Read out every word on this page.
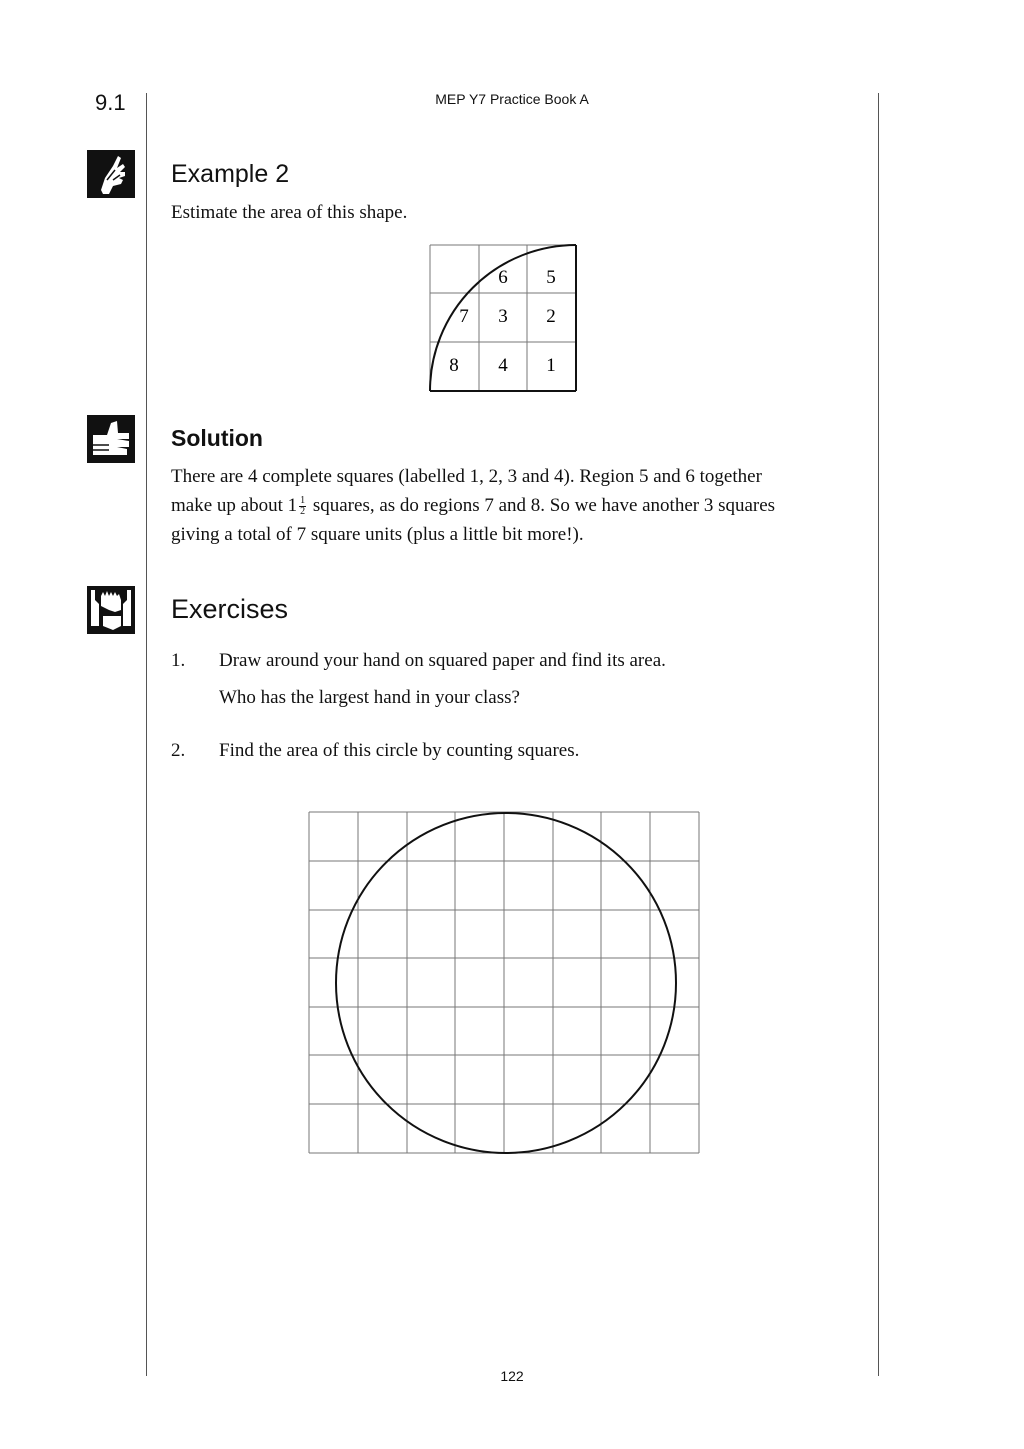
9.1	MEP Y7 Practice Book A
Example 2
Estimate the area of this shape.
6 5
7 3 2
8 4 1
Solution
There are 4 complete squares (labelled 1, 2, 3 and 4). Region 5 and 6 together
make up about $1 \frac{1}{2}$ squares, as do regions 7 and 8. So we have another 3 squares
giving a total of 7 square units (plus a little bit more!).
Exercises
1. Draw around your hand on squared paper and find its area.
Who has the largest hand in your class?
2. Find the area of this circle by counting squares.
122
